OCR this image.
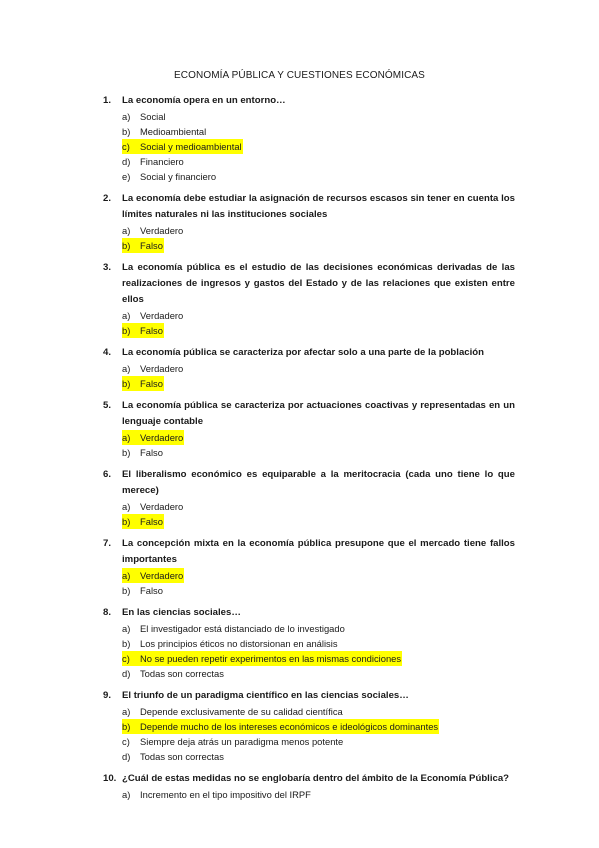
ECONOMÍA PÚBLICA Y CUESTIONES ECONÓMICAS
1.	La economía opera en un entorno…
a)	Social
b)	Medioambiental
c)	Social y medioambiental
d)	Financiero
e)	Social y financiero
2.	La economía debe estudiar la asignación de recursos escasos sin tener en cuenta los límites naturales ni las instituciones sociales
a)	Verdadero
b)	Falso
3.	La economía pública es el estudio de las decisiones económicas derivadas de las realizaciones de ingresos y gastos del Estado y de las relaciones que existen entre ellos
a)	Verdadero
b)	Falso
4.	La economía pública se caracteriza por afectar solo a una parte de la población
a)	Verdadero
b)	Falso
5.	La economía pública se caracteriza por actuaciones coactivas y representadas en un lenguaje contable
a)	Verdadero
b)	Falso
6.	El liberalismo económico es equiparable a la meritocracia (cada uno tiene lo que merece)
a)	Verdadero
b)	Falso
7.	La concepción mixta en la economía pública presupone que el mercado tiene fallos importantes
a)	Verdadero
b)	Falso
8.	En las ciencias sociales…
a)	El investigador está distanciado de lo investigado
b)	Los principios éticos no distorsionan en análisis
c)	No se pueden repetir experimentos en las mismas condiciones
d)	Todas son correctas
9.	El triunfo de un paradigma científico en las ciencias sociales…
a)	Depende exclusivamente de su calidad científica
b)	Depende mucho de los intereses económicos e ideológicos dominantes
c)	Siempre deja atrás un paradigma menos potente
d)	Todas son correctas
10. ¿Cuál de estas medidas no se englobaría dentro del ámbito de la Economía Pública?
a)	Incremento en el tipo impositivo del IRPF
